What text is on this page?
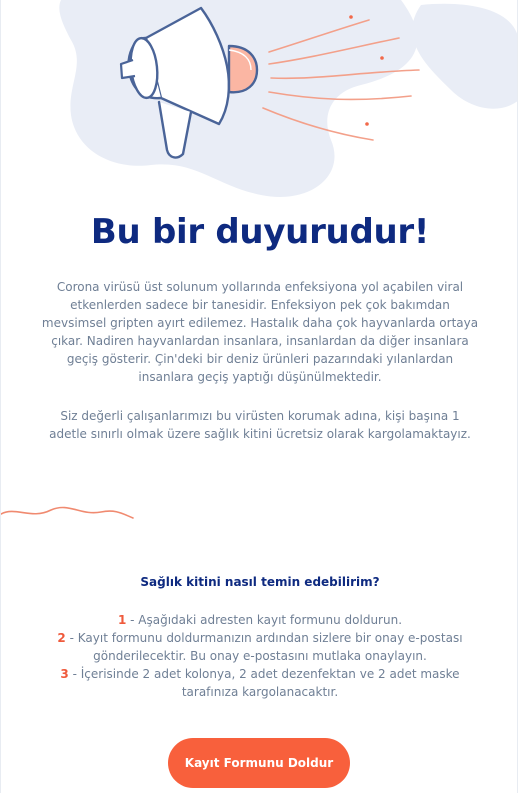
Bu bir duyurudur!

Corona virüsü üst solunum yollarında enfeksiyona yol açabilen viral etkenlerden sadece bir tanesidir. Enfeksiyon pek çok bakımdan mevsimsel gripten ayırt edilemez. Hastalık daha çok hayvanlarda ortaya çıkar. Nadiren hayvanlardan insanlara, insanlardan da diğer insanlara geçiş gösterir. Çin'deki bir deniz ürünleri pazarındaki yılanlardan insanlara geçiş yaptığı düşünülmektedir.

Siz değerli çalışanlarımızı bu virüsten korumak adına, kişi başına 1 adetle sınırlı olmak üzere sağlık kitini ücretsiz olarak kargolamaktayız.

Sağlık kitini nasıl temin edebilirim?
1 - Aşağıdaki adresten kayıt formunu doldurun.
2 - Kayıt formunu doldurmanızın ardından sizlere bir onay e-postası gönderilecektir. Bu onay e-postasını mutlaka onaylayın.
3 - İçerisinde 2 adet kolonya, 2 adet dezenfektan ve 2 adet maske tarafınıza kargolanacaktır.
Kayıt Formunu Doldur
